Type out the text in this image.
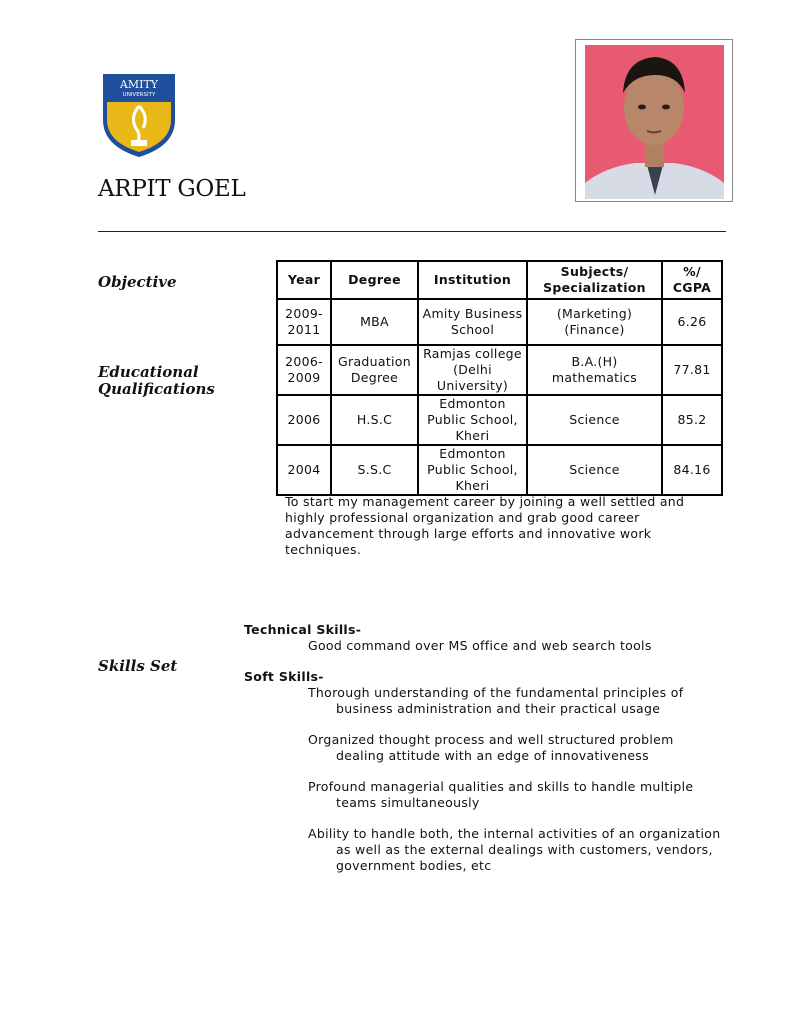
AMITY
UNIVERSITY
ARPIT GOEL
Objective
Educational Qualifications
Skills Set
Year	Degree	Institution	Subjects/ Specialization	%/ CGPA
2009-2011	MBA	Amity Business School	(Marketing) (Finance)	6.26
2006-2009	Graduation Degree	Ramjas college (Delhi University)	B.A.(H) mathematics	77.81
2006	H.S.C	Edmonton Public School, Kheri	Science	85.2
2004	S.S.C	Edmonton Public School, Kheri	Science	84.16
To start my management career by joining a well settled and highly professional organization and grab good career advancement through large efforts and innovative work techniques.
Technical Skills-
Good command over MS office and web search tools
Soft Skills-
Thorough understanding of the fundamental principles of business administration and their practical usage
Organized thought process and well structured problem dealing attitude with an edge of innovativeness
Profound managerial qualities and skills to handle multiple teams simultaneously
Ability to handle both, the internal activities of an organization as well as the external dealings with customers, vendors, government bodies, etc
